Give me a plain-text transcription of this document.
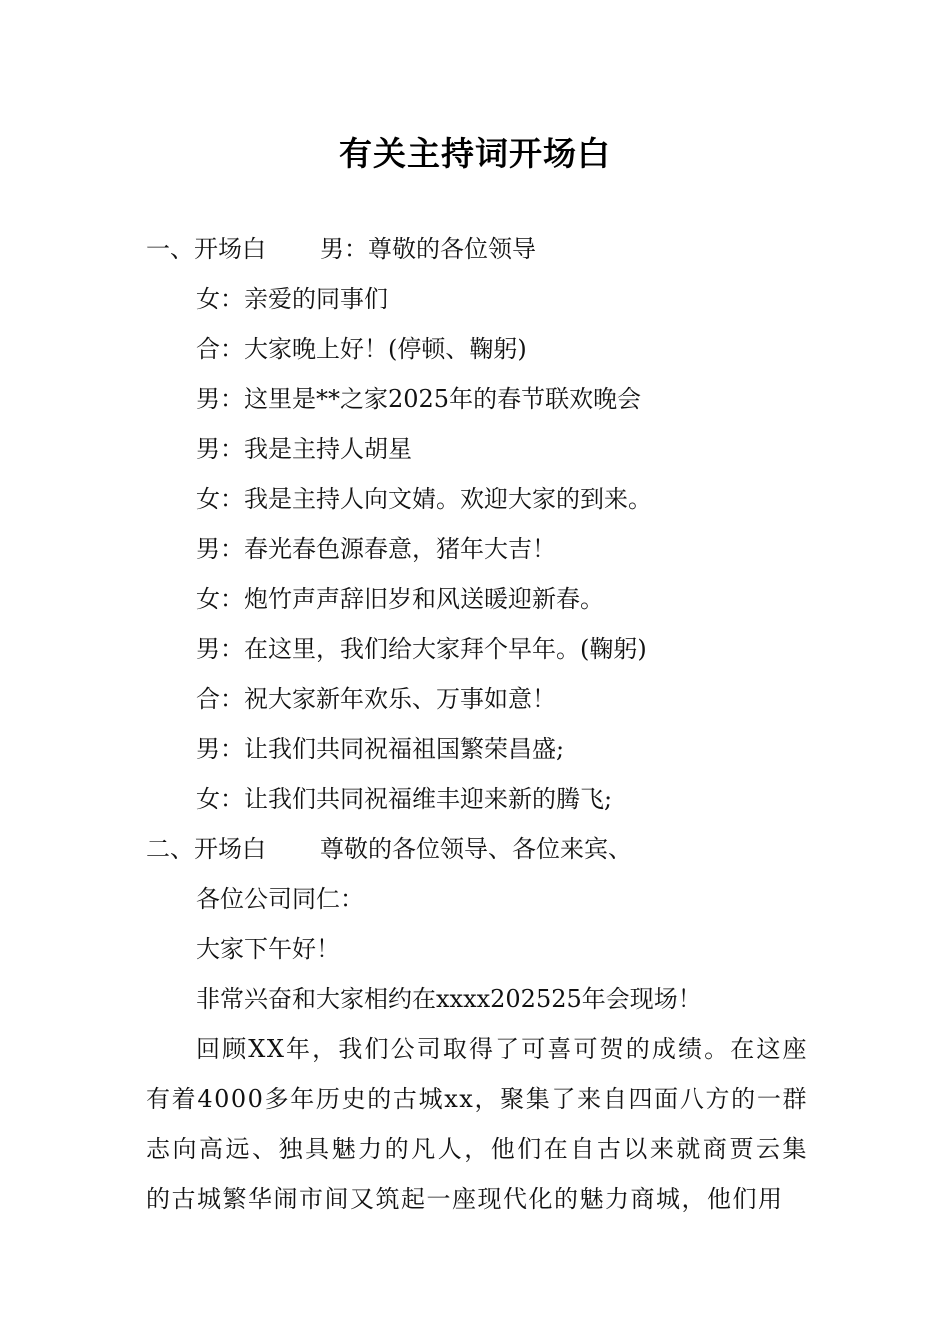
有关主持词开场白
一、开场白 男：尊敬的各位领导
女：亲爱的同事们
合：大家晚上好！(停顿、鞠躬)
男：这里是**之家2025年的春节联欢晚会
男：我是主持人胡星
女：我是主持人向文婧。欢迎大家的到来。
男：春光春色源春意，猪年大吉！
女：炮竹声声辞旧岁和风送暖迎新春。
男：在这里，我们给大家拜个早年。(鞠躬)
合：祝大家新年欢乐、万事如意！
男：让我们共同祝福祖国繁荣昌盛;
女：让我们共同祝福维丰迎来新的腾飞;
二、开场白 尊敬的各位领导、各位来宾、
各位公司同仁：
大家下午好！
非常兴奋和大家相约在xxxx202525年会现场！
回顾XX年，我们公司取得了可喜可贺的成绩。在这座有着4000多年历史的古城xx，聚集了来自四面八方的一群志向高远、独具魅力的凡人，他们在自古以来就商贾云集的古城繁华闹市间又筑起一座现代化的魅力商城，他们用
